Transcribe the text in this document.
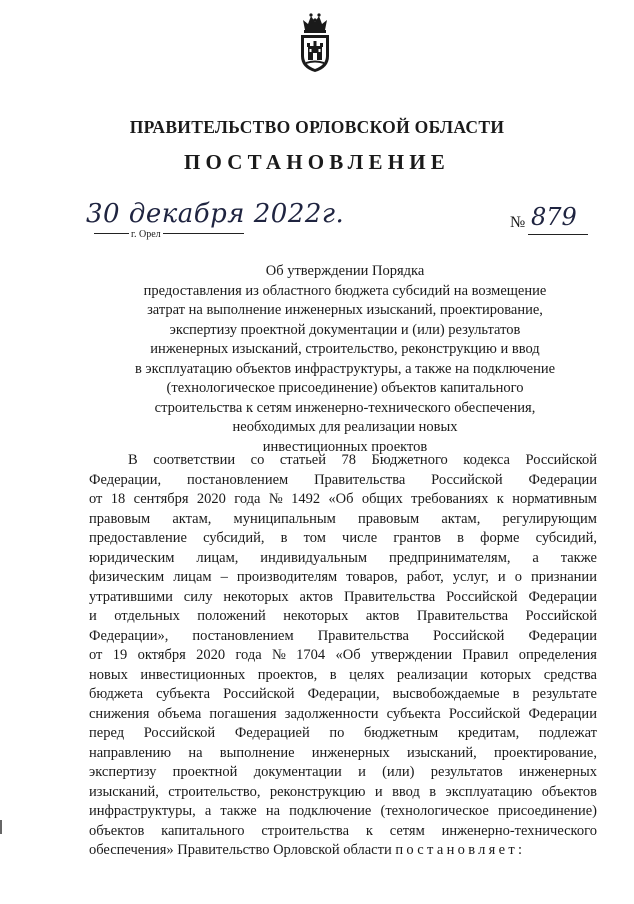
ПРАВИТЕЛЬСТВО ОРЛОВСКОЙ ОБЛАСТИ
ПОСТАНОВЛЕНИЕ
30 декабря 2022г.
г. Орел
№ 879
Об утверждении Порядка
предоставления из областного бюджета субсидий на возмещение
затрат на выполнение инженерных изысканий, проектирование,
экспертизу проектной документации и (или) результатов
инженерных изысканий, строительство, реконструкцию и ввод
в эксплуатацию объектов инфраструктуры, а также на подключение
(технологическое присоединение) объектов капитального
строительства к сетям инженерно-технического обеспечения,
необходимых для реализации новых
инвестиционных проектов
В соответствии со статьей 78 Бюджетного кодекса Российской
Федерации, постановлением Правительства Российской Федерации
от 18 сентября 2020 года № 1492 «Об общих требованиях к нормативным
правовым актам, муниципальным правовым актам, регулирующим
предоставление субсидий, в том числе грантов в форме субсидий,
юридическим лицам, индивидуальным предпринимателям, а также
физическим лицам – производителям товаров, работ, услуг, и о признании
утратившими силу некоторых актов Правительства Российской Федерации
и отдельных положений некоторых актов Правительства Российской
Федерации», постановлением Правительства Российской Федерации
от 19 октября 2020 года № 1704 «Об утверждении Правил определения
новых инвестиционных проектов, в целях реализации которых средства
бюджета субъекта Российской Федерации, высвобождаемые в результате
снижения объема погашения задолженности субъекта Российской Федерации
перед Российской Федерацией по бюджетным кредитам, подлежат
направлению на выполнение инженерных изысканий, проектирование,
экспертизу проектной документации и (или) результатов инженерных
изысканий, строительство, реконструкцию и ввод в эксплуатацию объектов
инфраструктуры, а также на подключение (технологическое присоединение)
объектов капитального строительства к сетям инженерно-технического
обеспечения» Правительство Орловской области
постановляет:
